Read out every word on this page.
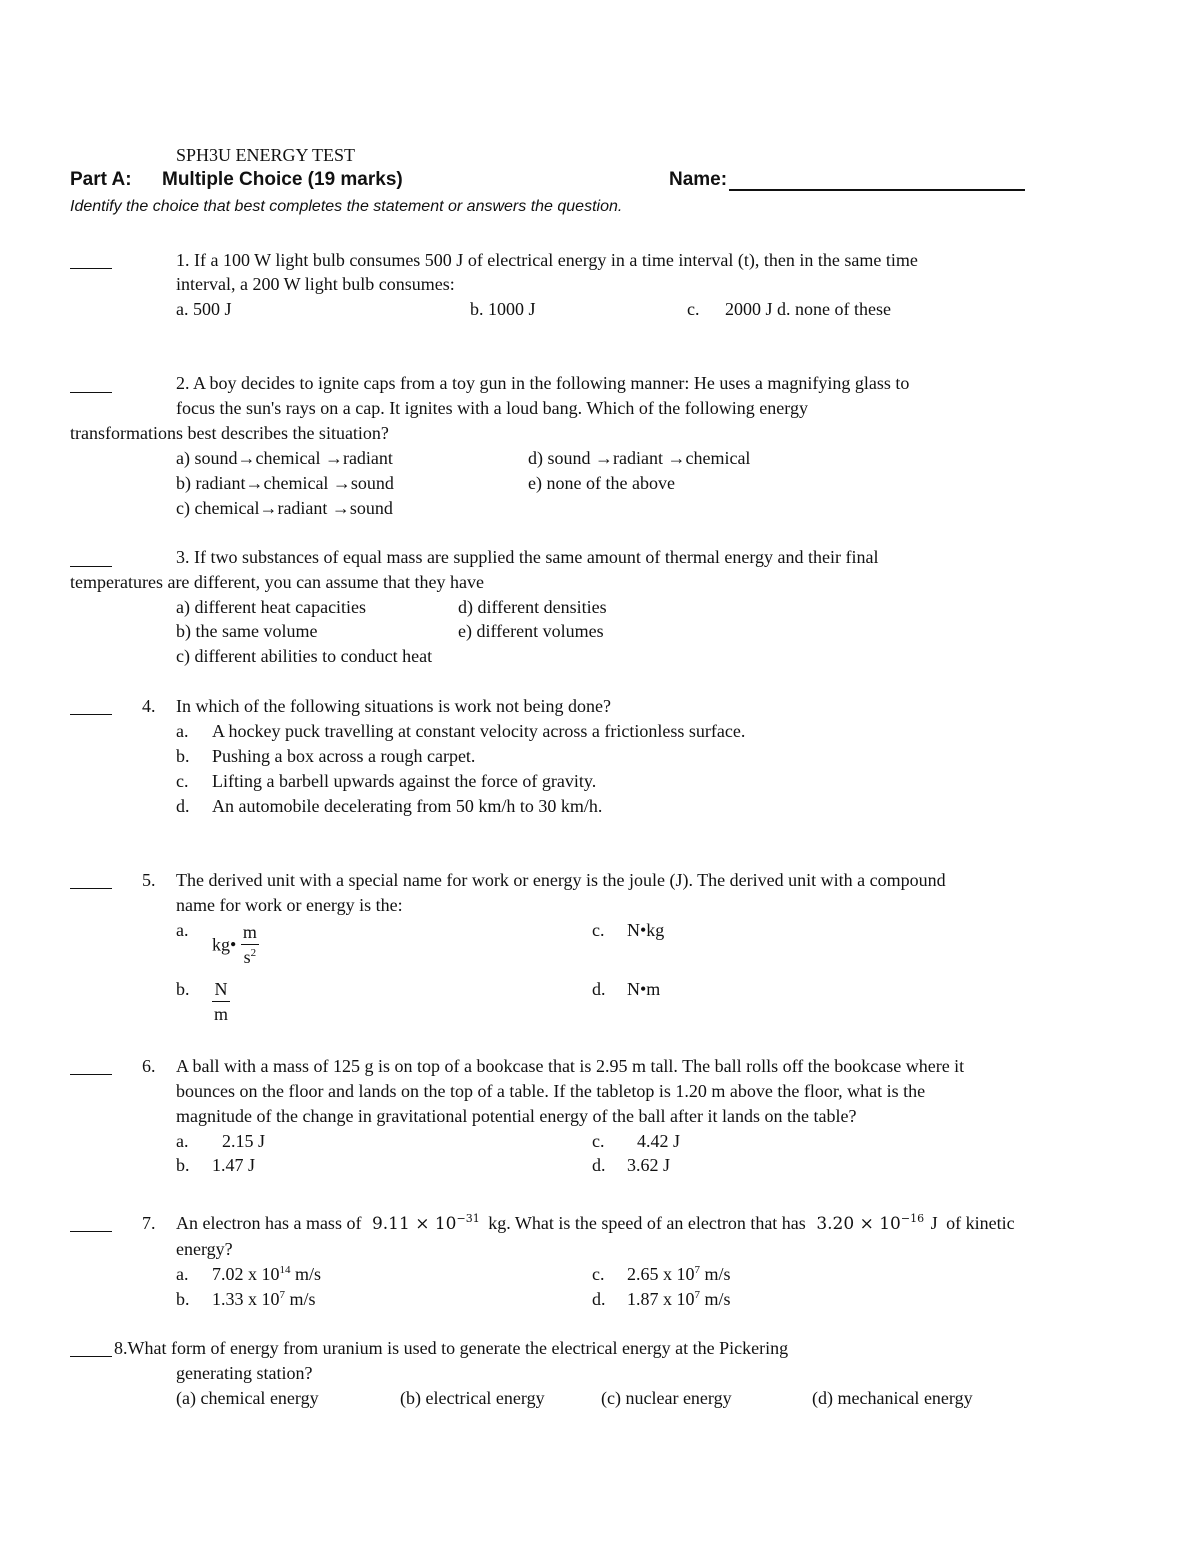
SPH3U ENERGY TEST
Part A: Multiple Choice (19 marks)	Name:
Identify the choice that best completes the statement or answers the question.
1. If a 100 W light bulb consumes 500 J of electrical energy in a time interval (t), then in the same time
interval, a 200 W light bulb consumes:
a. 500 J	b. 1000 J	c. 2000 J d. none of these
2. A boy decides to ignite caps from a toy gun in the following manner: He uses a magnifying glass to
focus the sun's rays on a cap. It ignites with a loud bang. Which of the following energy
transformations best describes the situation?
a) sound→chemical →radiant
b) radiant→chemical →sound
c) chemical→radiant →sound
d) sound →radiant →chemical
e) none of the above
3. If two substances of equal mass are supplied the same amount of thermal energy and their final
temperatures are different, you can assume that they have
a) different heat capacities
b) the same volume
c) different abilities to conduct heat
d) different densities
e) different volumes
4. In which of the following situations is work not being done?
a. A hockey puck travelling at constant velocity across a frictionless surface.
b. Pushing a box across a rough carpet.
c. Lifting a barbell upwards against the force of gravity.
d. An automobile decelerating from 50 km/h to 30 km/h.
5. The derived unit with a special name for work or energy is the joule (J). The derived unit with a compound
name for work or energy is the:
a.
kg• $\frac{m}{s^2}$	c. N•kg
b. $\frac{N}{m}$	d. N•m
6. A ball with a mass of 125 g is on top of a bookcase that is 2.95 m tall. The ball rolls off the bookcase where it
bounces on the floor and lands on the top of a table. If the tabletop is 1.20 m above the floor, what is the
magnitude of the change in gravitational potential energy of the ball after it lands on the table?
a. 2.15 J
b. 1.47 J
c. 4.42 J
d. 3.62 J
7. An electron has a mass of $9.11 \times 10^{-31}$ kg. What is the speed of an electron that has $3.20 \times 10^{-16}$ J of kinetic
energy?
a. 7.02 x $10^{14}$ m/s
b. 1.33 x $10^7$ m/s
c. 2.65 x $10^7$ m/s
d. 1.87 x $10^7$ m/s
8.What form of energy from uranium is used to generate the electrical energy at the Pickering
generating station?
(a) chemical energy	(b) electrical energy	(c) nuclear energy	(d) mechanical energy
